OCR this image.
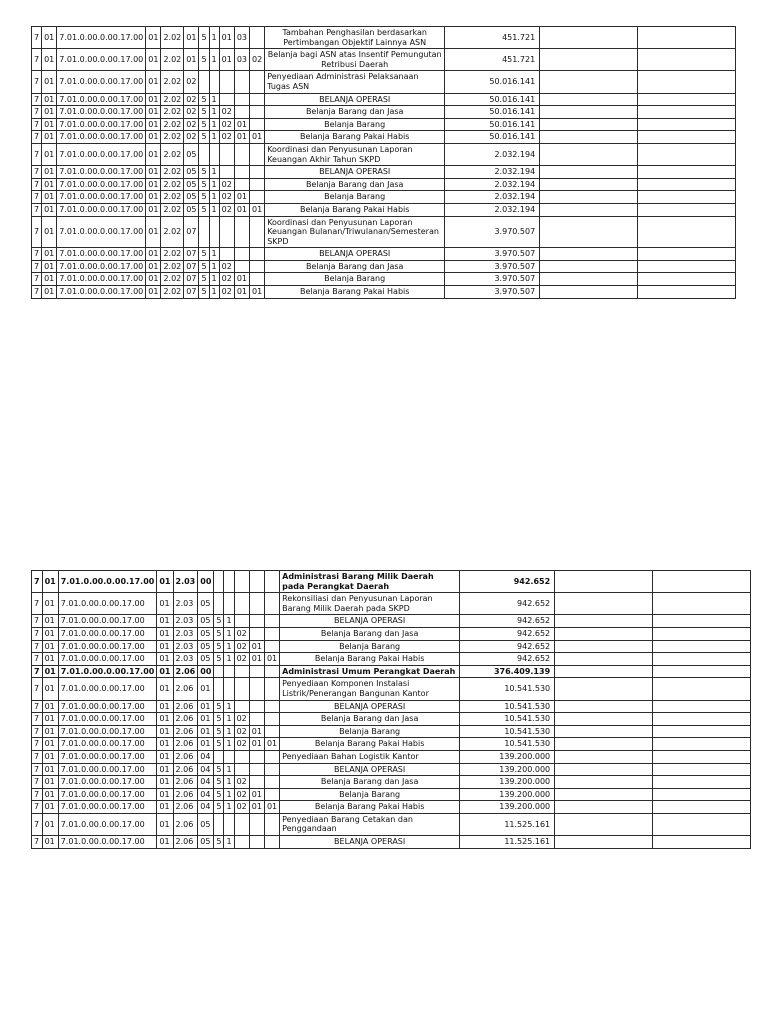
7	01	7.01.0.00.0.00.17.00	01	2.02	01	5	1	01	03		Tambahan Penghasilan berdasarkan Pertimbangan Objektif Lainnya ASN	451.721		
7	01	7.01.0.00.0.00.17.00	01	2.02	01	5	1	01	03	02	Belanja bagi ASN atas Insentif Pemungutan Retribusi Daerah	451.721		
7	01	7.01.0.00.0.00.17.00	01	2.02	02						Penyediaan Administrasi Pelaksanaan Tugas ASN	50.016.141		
7	01	7.01.0.00.0.00.17.00	01	2.02	02	5	1				BELANJA OPERASI	50.016.141		
7	01	7.01.0.00.0.00.17.00	01	2.02	02	5	1	02			Belanja Barang dan Jasa	50.016.141		
7	01	7.01.0.00.0.00.17.00	01	2.02	02	5	1	02	01		Belanja Barang	50.016.141		
7	01	7.01.0.00.0.00.17.00	01	2.02	02	5	1	02	01	01	Belanja Barang Pakai Habis	50.016.141		
7	01	7.01.0.00.0.00.17.00	01	2.02	05						Koordinasi dan Penyusunan Laporan Keuangan Akhir Tahun SKPD	2.032.194		
7	01	7.01.0.00.0.00.17.00	01	2.02	05	5	1				BELANJA OPERASI	2.032.194		
7	01	7.01.0.00.0.00.17.00	01	2.02	05	5	1	02			Belanja Barang dan Jasa	2.032.194		
7	01	7.01.0.00.0.00.17.00	01	2.02	05	5	1	02	01		Belanja Barang	2.032.194		
7	01	7.01.0.00.0.00.17.00	01	2.02	05	5	1	02	01	01	Belanja Barang Pakai Habis	2.032.194		
7	01	7.01.0.00.0.00.17.00	01	2.02	07						Koordinasi dan Penyusunan Laporan Keuangan Bulanan/Triwulanan/Semesteran SKPD	3.970.507		
7	01	7.01.0.00.0.00.17.00	01	2.02	07	5	1				BELANJA OPERASI	3.970.507		
7	01	7.01.0.00.0.00.17.00	01	2.02	07	5	1	02			Belanja Barang dan Jasa	3.970.507		
7	01	7.01.0.00.0.00.17.00	01	2.02	07	5	1	02	01		Belanja Barang	3.970.507		
7	01	7.01.0.00.0.00.17.00	01	2.02	07	5	1	02	01	01	Belanja Barang Pakai Habis	3.970.507		
7	01	7.01.0.00.0.00.17.00	01	2.03	00						Administrasi Barang Milik Daerah pada Perangkat Daerah	942.652		
7	01	7.01.0.00.0.00.17.00	01	2.03	05						Rekonsiliasi dan Penyusunan Laporan Barang Milik Daerah pada SKPD	942.652		
7	01	7.01.0.00.0.00.17.00	01	2.03	05	5	1				BELANJA OPERASI	942.652		
7	01	7.01.0.00.0.00.17.00	01	2.03	05	5	1	02			Belanja Barang dan Jasa	942.652		
7	01	7.01.0.00.0.00.17.00	01	2.03	05	5	1	02	01		Belanja Barang	942.652		
7	01	7.01.0.00.0.00.17.00	01	2.03	05	5	1	02	01	01	Belanja Barang Pakai Habis	942.652		
7	01	7.01.0.00.0.00.17.00	01	2.06	00						Administrasi Umum Perangkat Daerah	376.409.139		
7	01	7.01.0.00.0.00.17.00	01	2.06	01						Penyediaan Komponen Instalasi Listrik/Penerangan Bangunan Kantor	10.541.530		
7	01	7.01.0.00.0.00.17.00	01	2.06	01	5	1				BELANJA OPERASI	10.541.530		
7	01	7.01.0.00.0.00.17.00	01	2.06	01	5	1	02			Belanja Barang dan Jasa	10.541.530		
7	01	7.01.0.00.0.00.17.00	01	2.06	01	5	1	02	01		Belanja Barang	10.541.530		
7	01	7.01.0.00.0.00.17.00	01	2.06	01	5	1	02	01	01	Belanja Barang Pakai Habis	10.541.530		
7	01	7.01.0.00.0.00.17.00	01	2.06	04						Penyediaan Bahan Logistik Kantor	139.200.000		
7	01	7.01.0.00.0.00.17.00	01	2.06	04	5	1				BELANJA OPERASI	139.200.000		
7	01	7.01.0.00.0.00.17.00	01	2.06	04	5	1	02			Belanja Barang dan Jasa	139.200.000		
7	01	7.01.0.00.0.00.17.00	01	2.06	04	5	1	02	01		Belanja Barang	139.200.000		
7	01	7.01.0.00.0.00.17.00	01	2.06	04	5	1	02	01	01	Belanja Barang Pakai Habis	139.200.000		
7	01	7.01.0.00.0.00.17.00	01	2.06	05						Penyediaan Barang Cetakan dan Penggandaan	11.525.161		
7	01	7.01.0.00.0.00.17.00	01	2.06	05	5	1				BELANJA OPERASI	11.525.161		
